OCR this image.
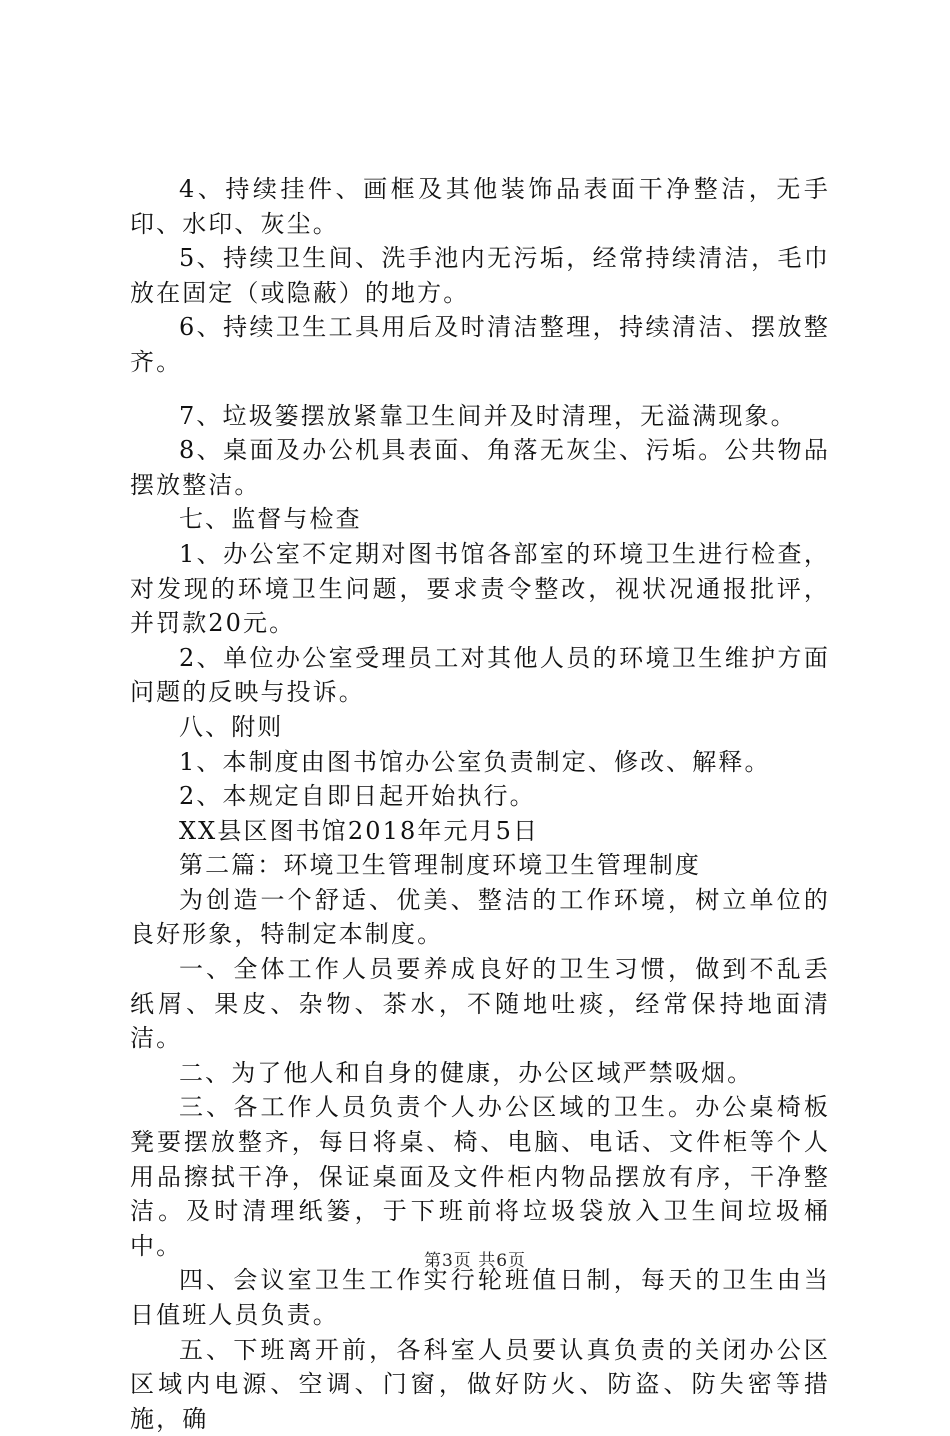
4、持续挂件、画框及其他装饰品表面干净整洁，无手印、水印、灰尘。

5、持续卫生间、洗手池内无污垢，经常持续清洁，毛巾放在固定（或隐蔽）的地方。

6、持续卫生工具用后及时清洁整理，持续清洁、摆放整齐。

7、垃圾篓摆放紧靠卫生间并及时清理，无溢满现象。

8、桌面及办公机具表面、角落无灰尘、污垢。公共物品摆放整洁。

七、监督与检查

1、办公室不定期对图书馆各部室的环境卫生进行检查，对发现的环境卫生问题，要求责令整改，视状况通报批评，并罚款20元。

2、单位办公室受理员工对其他人员的环境卫生维护方面问题的反映与投诉。

八、附则

1、本制度由图书馆办公室负责制定、修改、解释。

2、本规定自即日起开始执行。

XX县区图书馆2018年元月5日

第二篇：环境卫生管理制度环境卫生管理制度

为创造一个舒适、优美、整洁的工作环境，树立单位的良好形象，特制定本制度。

一、全体工作人员要养成良好的卫生习惯，做到不乱丢纸屑、果皮、杂物、茶水，不随地吐痰，经常保持地面清洁。

二、为了他人和自身的健康，办公区域严禁吸烟。

三、各工作人员负责个人办公区域的卫生。办公桌椅板凳要摆放整齐，每日将桌、椅、电脑、电话、文件柜等个人用品擦拭干净，保证桌面及文件柜内物品摆放有序，干净整洁。及时清理纸篓，于下班前将垃圾袋放入卫生间垃圾桶中。

四、会议室卫生工作实行轮班值日制，每天的卫生由当日值班人员负责。

五、下班离开前，各科室人员要认真负责的关闭办公区区域内电源、空调、门窗，做好防火、防盗、防失密等措施，确

第3页 共6页
